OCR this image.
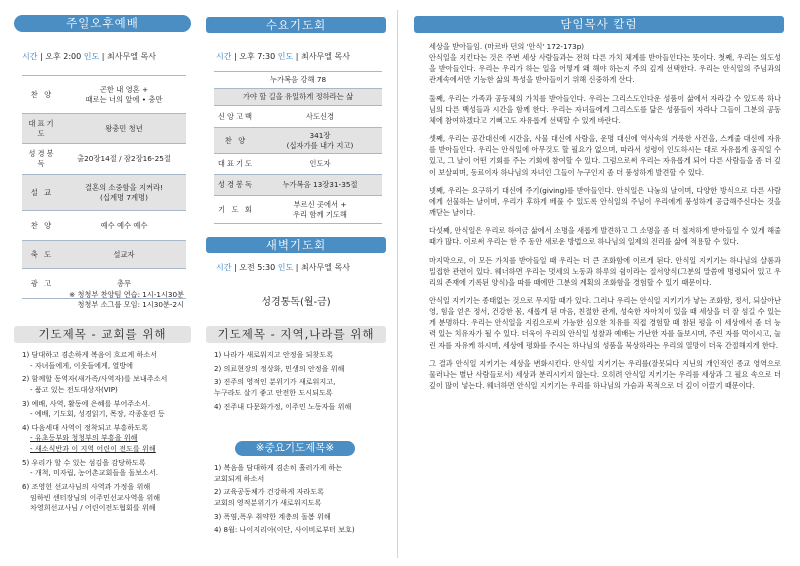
주일오후예배
시간 | 오후 2:00 인도 | 최사무엘 목사
찬 양	곤한 내 영혼 +
때로는 너의 앞에 • 충만
대표기도	왕충민 청년
성경봉독	출20장14절 / 잠2장16-25절
설 교	결혼의 소중함을 지켜라!
(십계명 7계명)
찬 양	예수 예수 예수
축 도	설교자
광 고	총무
※ 청청부 찬양팀 연습: 1시-1시30분
청청부 소그룹 모임: 1시30분-2시
기도제목 - 교회를 위해
1) 담대하고 겸손하게 복음이 흐르게 하소서
- 자녀들에게, 이웃들에게, 열방에
2) 함께할 동역자(새가족/사역자)를 보내주소서
- 품고 있는 전도대상자(VIP)
3) 예배, 사역, 활동에 은혜를 부어주소서.
- 예배, 기도회, 성경읽기, 목장, 각종훈련 등
4) 다음세대 사역이 정착되고 부흥하도록
- 유초등부와 청청부의 부흥을 위해
- 새소식반과 이 지역 어린이 전도를 위해
5) 우리가 할 수 있는 섬김을 감당하도록
- 개척, 미자립, 농어촌교회들을 돌보소서.
6) 조영헌 선교사님의 사역과 가정을 위해
임하빈 센터장님의 이주민선교사역을 위해
차영희선교사님 / 어린이전도협회를 위해
수요기도회
시간 | 오후 7:30 인도 | 최사무엘 목사
누가복음 강해 78	
가야 할 길을 유일하게 정하라는 삶	
신앙고백	사도신경
찬 양	341장
(십자가를 내가 지고)
대표기도	인도자
성경봉독	누가복음 13장31-35절
기 도 회	부르신 곳에서 +
우리 함께 기도해
새벽기도회
시간 | 오전 5:30 인도 | 최사무엘 목사
성경통독(월-금)
기도제목 - 지역,나라를 위해
1) 나라가 새로워지고 안정을 되찾도록
2) 의료현장의 정상화, 민생의 안정을 위해
3) 진주의 영적인 분위기가 새로워지고,
누구라도 살기 좋고 안전한 도시되도록
4) 진주내 다문화가정, 이주민 노동자들 위해
※중요기도제목※
1) 복음을 담대하게 겸손히 흘러가게 하는
교회되게 하소서
2) 교육공동체가 건강하게 자라도록
교회의 영적분위기가 새로워지도록
3) 폭염,폭우 취약한 계층의 돌봄 위해
4) 8월: 나이지리아(이단, 사이비로부터 보호)
담임목사 칼럼

세상을 받아들임. (마르바 던의 '안식' 172-173p)
안식일을 지킨다는 것은 주변 세상 사람들과는 전혀 다른 가치 체계를 받아들인다는 뜻이다. 첫째, 우리는 의도성을 받아들인다. 우리는 우리가 하는 일을 어떻게 왜 해야 하는지 주의 깊게 선택한다. 우리는 안식일의 주님과의 관계속에서만 기능한 삶의 특성을 받아들이기 위해 신중하게 산다.

둘째, 우리는 가족과 공동체의 가치를 받아들인다. 우리는 그리스도인다운 성품이 삶에서 자라갈 수 있도록 하나님의 다른 백성들과 시간을 함께 한다. 우리는 자녀들에게 그리스도를 닮은 성품들이 자라나 그들이 그분의 공동체에 참여하겠다고 기뻐고도 자유롭게 선택할 수 있게 바란다.

셋째, 우리는 공간대신에 시간을, 사물 대신에 사람을, 운명 대신에 역사속의 거룩한 사건을, 스케줄 대신에 자유를 받아들인다. 우리는 안식일에 아무것도 할 필요가 없으며, 따라서 성령이 인도하시는 대로 자유롭게 움직일 수 있고, 그 날이 어떤 기회를 주는 기회에 참여할 수 있다. 그럼으로써 우리는 자유롭게 되어 다른 사람들을 좀 더 깊이 보살피며, 동료이자 하나님의 자녀인 그들이 누구인지 좀 더 풍성하게 발견할 수 있다.

넷째, 우리는 요구하기 대신에 주기(giving)를 받아들인다. 안식일은 나눔의 날이며, 다양한 방식으로 다른 사람에게 선물하는 날이며, 우리가 후하게 베풀 수 있도록 안식일의 주님이 우리에게 풍성하게 공급해주신다는 것을 깨닫는 날이다.

다섯째, 안식일은 우리로 하여금 삶에서 소명을 새롭게 발견하고 그 소명을 좀 더 철저하게 받아들일 수 있게 해줄 때가 많다. 이로써 우리는 한 주 동안 새로운 방법으로 하나님의 일제의 진리를 삶에 적용할 수 있다.

마지막으로, 이 모든 가치를 받아들일 때 우리는 더 큰 조화함에 이르게 된다. 안식일 지키기는 하나님의 샬롬과 밀접한 관련이 있다. 웨너하면 우리는 멋세의 노동과 하루의 쉼이라는 질서양식(그분의 말씀에 명령되어 있고 우리의 존재에 기록된 양식)을 따를 때에만 그분의 계획의 조화함을 경험할 수 있기 때문이다.

안식일 지키기는 종태없는 것으로 무지할 때가 있다. 그러나 우리는 안식일 지키기가 낳는 조화함, 정서, 되살아난 영, 힘을 얻은 정서, 건강한 몸, 새롭게 된 마음, 친절한 관계, 성숙한 자아치이 있을 때 세상을 더 잘 섬길 수 있는 게 분명하다. 우리는 안식일을 지킴으로써 가능한 심오한 치유를 직접 경험할 때 참된 평을 이 세상에서 좀 더 능력 있는 치유자가 될 수 있다. 더욱이 우리의 안식일 성찰과 예배는 가난한 자를 돌보시며, 주린 자를 먹이시고, 눌린 자를 자유케 하시며, 세상에 평화를 주시는 하나님의 성품을 묵상하라는 우리의 열망이 더욱 간절해지게 한다.

그 결과 안식일 지키기는 세상을 변화시킨다. 안식일 지키기는 우리를(잘못되다 지닌의 개인적인 종교 영역으로 물러나는 별난 사람들로서) 세상과 분리시키지 않는다. 오히려 안식일 지키기는 우리를 세상과 그 필요 속으로 더 깊이 많이 넣는다. 웨너하면 안식일 지키기는 우리를 하나님의 가슴과 목적으로 더 깊이 이끌기 때문이다.
